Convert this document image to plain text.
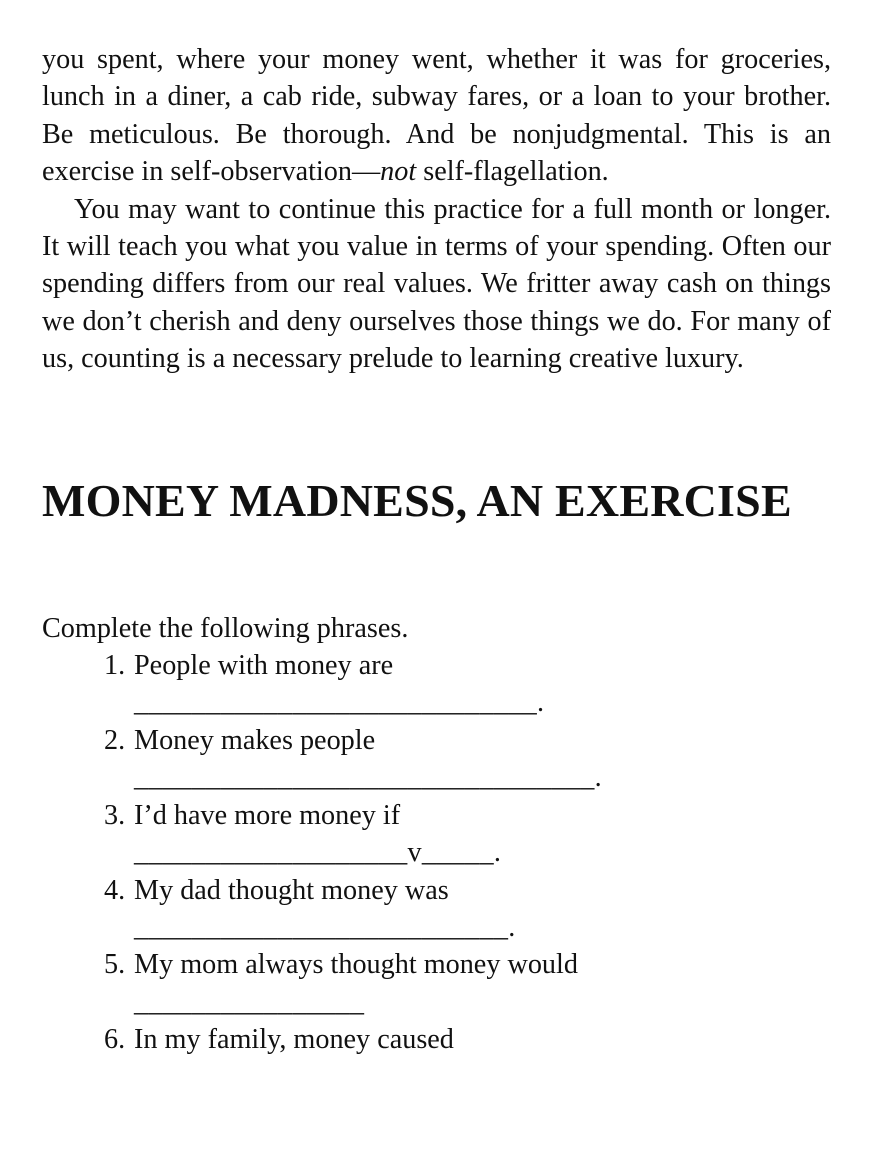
you spent, where your money went, whether it was for groceries, lunch in a diner, a cab ride, subway fares, or a loan to your brother. Be meticulous. Be thorough. And be nonjudgmental. This is an exercise in self-observation—not self-flagellation.

You may want to continue this practice for a full month or longer. It will teach you what you value in terms of your spending. Often our spending differs from our real values. We fritter away cash on things we don’t cherish and deny ourselves those things we do. For many of us, counting is a necessary prelude to learning creative luxury.

MONEY MADNESS, AN EXERCISE

Complete the following phrases.

1. People with money are
____________________________.
2. Money makes people
________________________________.
3. I’d have more money if
___________________v_____.
4. My dad thought money was
__________________________.
5. My mom always thought money would
________________
6. In my family, money caused
